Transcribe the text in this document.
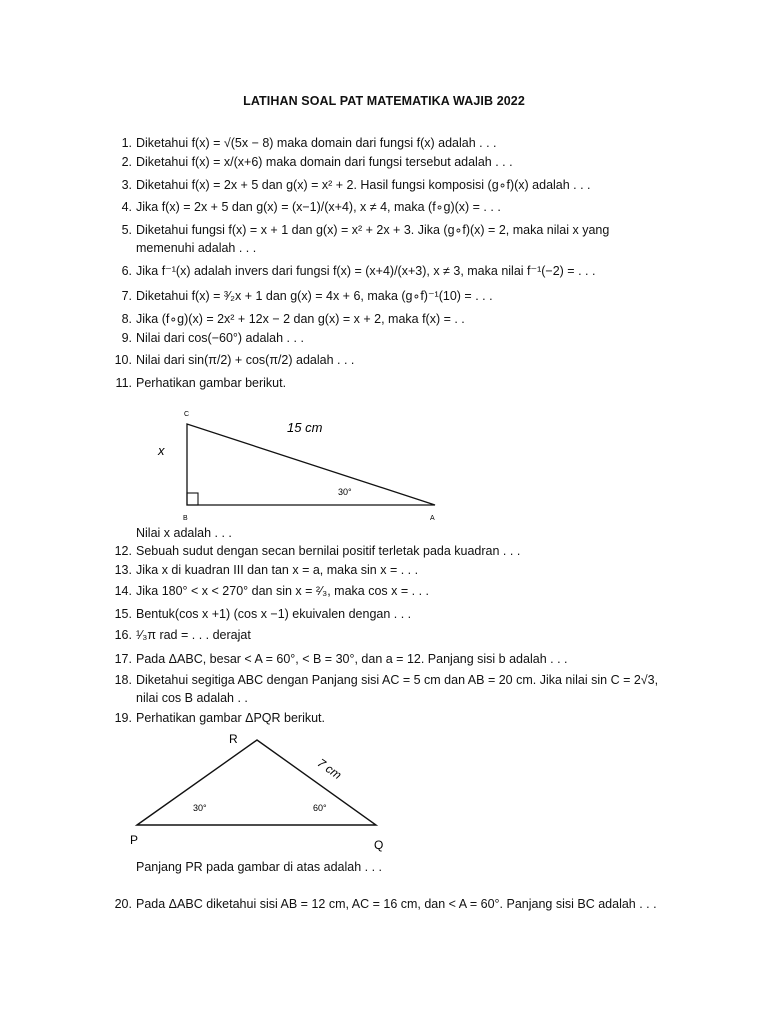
LATIHAN SOAL PAT MATEMATIKA WAJIB 2022
1. Diketahui f(x) = √(5x − 8) maka domain dari fungsi f(x) adalah . . .
2. Diketahui f(x) = x/(x+6) maka domain dari fungsi tersebut adalah . . .
3. Diketahui f(x) = 2x + 5 dan g(x) = x² + 2. Hasil fungsi komposisi (g∘f)(x) adalah . . .
4. Jika f(x) = 2x + 5 dan g(x) = (x−1)/(x+4), x ≠ 4, maka (f∘g)(x) = . . .
5. Diketahui fungsi f(x) = x + 1 dan g(x) = x² + 2x + 3. Jika (g∘f)(x) = 2, maka nilai x yang
memenuhi adalah . . .
6. Jika f⁻¹(x) adalah invers dari fungsi f(x) = (x+4)/(x+3), x ≠ 3, maka nilai f⁻¹(−2) = . . .
7. Diketahui f(x) = ³⁄₂x + 1 dan g(x) = 4x + 6, maka (g∘f)⁻¹(10) = . . .
8. Jika (f∘g)(x) = 2x² + 12x − 2 dan g(x) = x + 2, maka f(x) = . .
9. Nilai dari cos(−60°) adalah . . .
10. Nilai dari sin(π/2) + cos(π/2) adalah . . .
11. Perhatikan gambar berikut.
C
B	A
x
15 cm
30°
Nilai x adalah . . .
12. Sebuah sudut dengan secan bernilai positif terletak pada kuadran . . .
13. Jika x di kuadran III dan tan x = a, maka sin x = . . .
14. Jika 180° < x < 270° dan sin x = ²⁄₃, maka cos x = . . .
15. Bentuk(cos x +1) (cos x −1) ekuivalen dengan . . .
16. ¹⁄₃π rad = . . . derajat
17. Pada ΔABC, besar < A = 60°, < B = 30°, dan a = 12. Panjang sisi b adalah . . .
18. Diketahui segitiga ABC dengan Panjang sisi AC = 5 cm dan AB = 20 cm. Jika nilai sin C = 2√3,
nilai cos B adalah . .
19. Perhatikan gambar ΔPQR berikut.
R
P	Q
7 cm
30°	60°
Panjang PR pada gambar di atas adalah . . .
20. Pada ΔABC diketahui sisi AB = 12 cm, AC = 16 cm, dan < A = 60°. Panjang sisi BC adalah . . .
